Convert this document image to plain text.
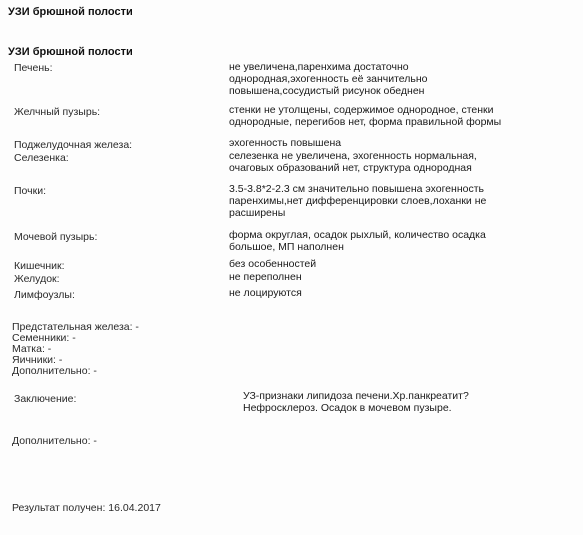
УЗИ брюшной полости
УЗИ брюшной полости
Печень:	не увеличена,паренхима достаточно
однородная,эхогенность её занчительно
повышена,сосудистый рисунок обеднен
Желчный пузырь:	стенки не утолщены, содержимое однородное, стенки
однородные, перегибов нет, форма правильной формы
Поджелудочная железа:	эхогенность повышена
Селезенка:	селезенка не увеличена, эхогенность нормальная,
очаговых образований нет, структура однородная
Почки:	3.5-3.8*2-2.3 см значительно повышена эхогенность
паренхимы,нет дифференцировки слоев,лоханки не
расширены
Мочевой пузырь:	форма округлая, осадок рыхлый, количество осадка
большое, МП наполнен
Кишечник:	без особенностей
Желудок:	не переполнен
Лимфоузлы:	не лоцируются
Предстательная железа: -
Семенники: -
Матка: -
Яичники: -
Дополнительно: -
Заключение:	УЗ-признаки липидоза печени.Хр.панкреатит?
Нефросклероз. Осадок в мочевом пузыре.
Дополнительно: -
Результат получен: 16.04.2017
